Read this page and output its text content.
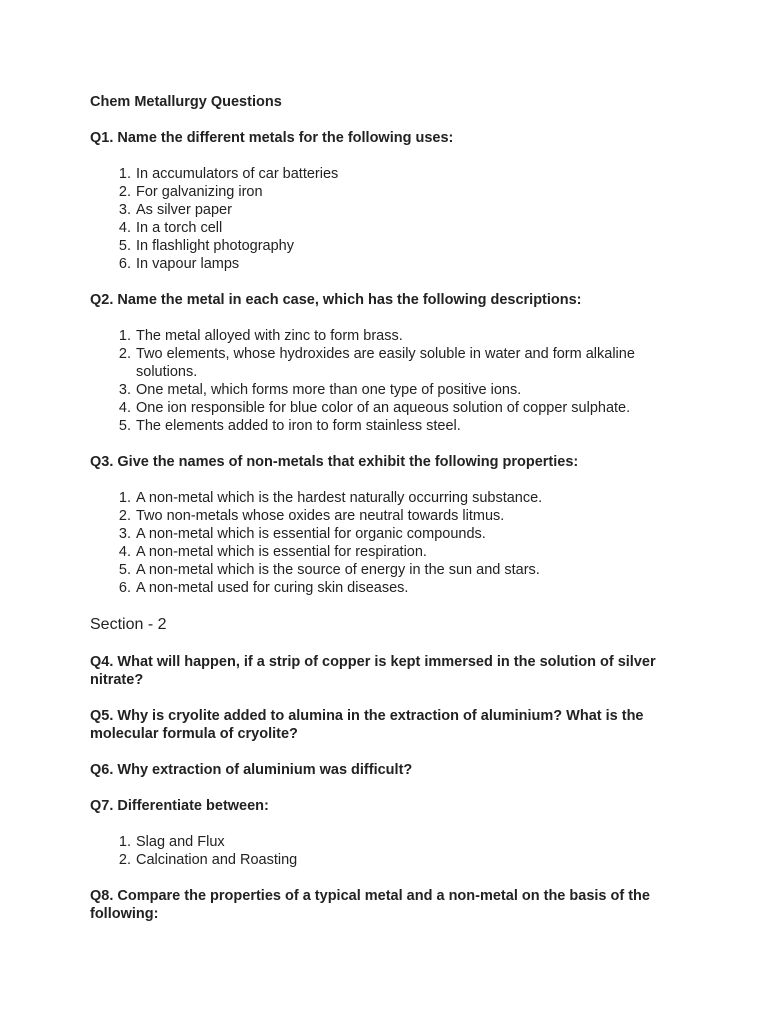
Chem Metallurgy Questions
Q1. Name the different metals for the following uses:
1. In accumulators of car batteries
2. For galvanizing iron
3. As silver paper
4. In a torch cell
5. In flashlight photography
6. In vapour lamps
Q2. Name the metal in each case, which has the following descriptions:
1. The metal alloyed with zinc to form brass.
2. Two elements, whose hydroxides are easily soluble in water and form alkaline solutions.
3. One metal, which forms more than one type of positive ions.
4. One ion responsible for blue color of an aqueous solution of copper sulphate.
5. The elements added to iron to form stainless steel.
Q3. Give the names of non-metals that exhibit the following properties:
1. A non-metal which is the hardest naturally occurring substance.
2. Two non-metals whose oxides are neutral towards litmus.
3. A non-metal which is essential for organic compounds.
4. A non-metal which is essential for respiration.
5. A non-metal which is the source of energy in the sun and stars.
6. A non-metal used for curing skin diseases.
Section - 2
Q4. What will happen, if a strip of copper is kept immersed in the solution of silver nitrate?
Q5. Why is cryolite added to alumina in the extraction of aluminium? What is the molecular formula of cryolite?
Q6. Why extraction of aluminium was difficult?
Q7. Differentiate between:
1. Slag and Flux
2. Calcination and Roasting
Q8. Compare the properties of a typical metal and a non-metal on the basis of the following:
